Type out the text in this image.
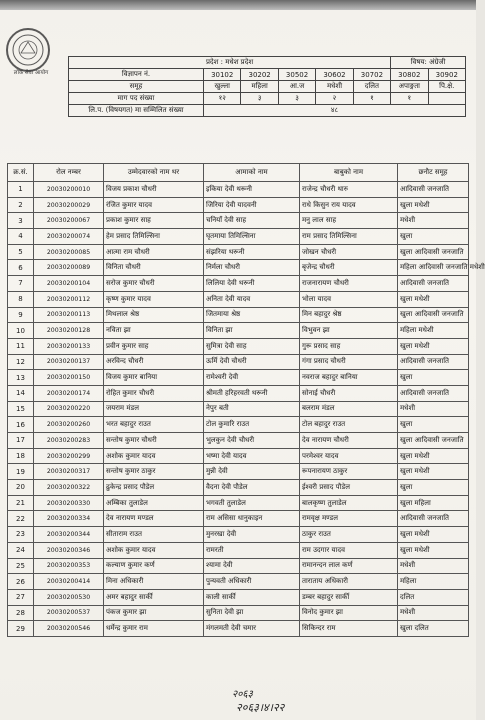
लोक सेवा आयोग
प्रदेश : मधेश प्रदेश						विषय: अंग्रेजी	
विज्ञापन नं.	30102	30202	30502	30602	30702	30802	30902
समूह	खुल्ला	महिला	आ.ज	मधेशी	दलित	अपाङ्गता	पि.क्षे.
माग पद संख्या	१२	३	३	२	१	१	
लि.प. (विषयगत) मा सम्मिलित संख्या	४८						
क्र.सं.	रोल नम्बर	उम्मेदवारको नाम थर	आमाको नाम	बाबुको नाम	छनौट समूह
1	20030200010	विजय प्रकाश चौधरी	इकिया देवी थरूनी	राजेन्द्र चौधरी थारु	आदिवासी जनजाति
2	20030200029	रंजित कुमार यादव	जिरिया देवी यादवनी	राधे किसुन राय यादव	खुला मधेशी
3	20030200067	प्रकाश कुमार साह	चनियाँ देवी साह	मनु लाल साह	मधेशी
4	20030200074	हेम प्रसाद तिमिल्सिना	घृतमाया तिमिल्सिना	राम प्रसाद तिमिल्सिना	खुला
5	20030200085	आत्मा राम चौधरी	संझरिया थरूनी	जोखन चौधरी	खुला आदिवासी जनजाति
6	20030200089	विनिता चौधरी	निर्मला चौधरी	बृजेन्द्र चौधरी	महिला आदिवासी जनजाति मधेशी
7	20030200104	सरोज कुमार चौधरी	लिलिया देवी थरूनी	राजनारायण चौधरी	आदिवासी जनजाति
8	20030200112	कृष्ण कुमार यादव	अनिता देवी यादव	भोला यादव	खुला मधेशी
9	20030200113	मिथलाल श्रेष्ठ	जितमाया श्रेष्ठ	मिन बहादुर श्रेष्ठ	खुला आदिवासी जनजाति
10	20030200128	नविता झा	विनिता झा	विभुवन झा	महिला मधेशी
11	20030200133	प्रवीन कुमार साह	सुमित्रा देवी साह	गुरू प्रसाद साह	खुला मधेशी
12	20030200137	अरविन्द चौधरी	ऊर्मि देवी चौधरी	गंगा प्रसाद चौधरी	आदिवासी जनजाति
13	20030200150	विजय कुमार बानिया	रामेश्वरी देवी	नवराज बहादुर बानिया	खुला
14	20030200174	रोहित कुमार चौधरी	श्रीमती हरिहरवती थरूनी	सोनाई चौधरी	आदिवासी जनजाति
15	20030200220	जयराम मंडल	नेपुर बती	बलराम मंडल	मधेशी
16	20030200260	भरत बहादुर राउत	टोल कुमारि राउत	टोल बहादुर राउत	खुला
17	20030200283	सन्तोष कुमार चौधरी	भुलकुन देवी चौधरी	देव नारायण चौधरी	खुला आदिवासी जनजाति
18	20030200299	अशोक कुमार यादव	भष्मा देवी यादव	परमेश्वर यादव	खुला मधेशी
19	20030200317	सन्तोष कुमार ठाकुर	मुन्नी देवी	रूपनारायण ठाकुर	खुला मधेशी
20	20030200322	ढुकेन्द्र प्रसाद पौडेल	वैदना देवी पौडेल	ईश्वरी प्रसाद पौडेल	खुला
21	20030200330	अम्बिका तुलाडेल	भगवती तुलाडेल	बालकृष्ण तुलाडेल	खुला महिला
22	20030200334	देव नारायण मण्डल	राम असिसा धानुकाइन	रामवृक्ष मण्डल	आदिवासी जनजाति
23	20030200344	सीताराम राउत	मुनरखा देवी	ठाकुर राउत	खुला मधेशी
24	20030200346	अशोक कुमार यादव	रामरती	राम उदगार यादव	खुला मधेशी
25	20030200353	कल्याण कुमार कर्ण	श्यामा देवी	रामानन्दन लाल कर्ण	मधेशी
26	20030200414	मिना अधिकारी	पुन्यवती अधिकारी	ताराताय अधिकारी	महिला
27	20030200530	अमर बहादुर सार्की	काली सार्की	डम्बर बहादुर सार्की	दलित
28	20030200537	पंकज कुमार झा	सुनिता देवी झा	विनोद कुमार झा	मधेशी
29	20030200546	धर्मेन्द्र कुमार राम	मंगलमती देवी चमार	सिकिन्दर राम	खुला दलित
२०६३
२०६३।४।२२
